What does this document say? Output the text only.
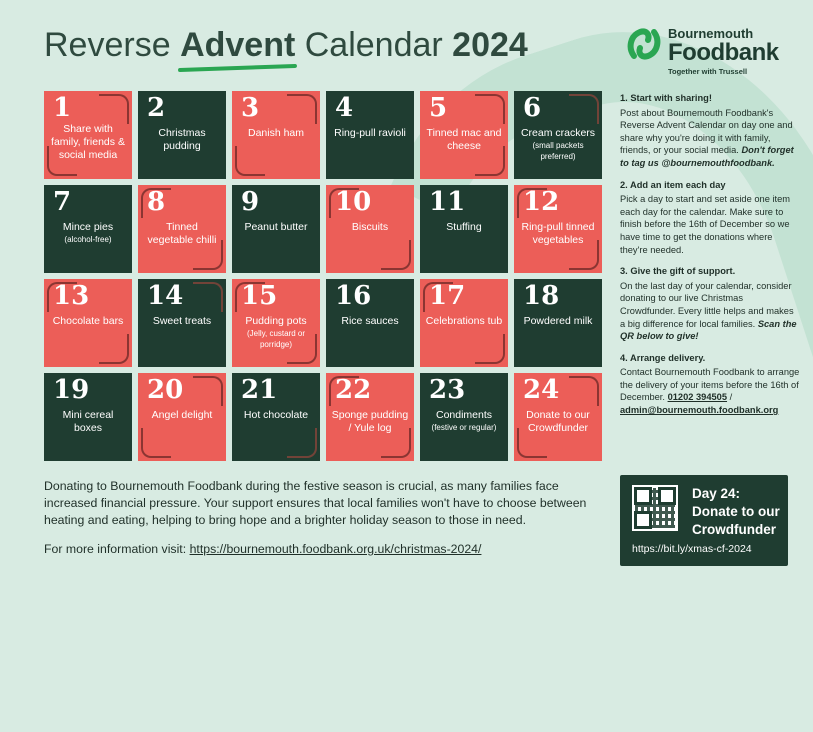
Reverse Advent Calendar 2024	Bournemouth
Foodbank
Together with Trussell
1
Share with family, friends & social media
2
Christmas pudding
3
Danish ham
4
Ring-pull ravioli
5
Tinned mac and cheese
6
Cream crackers
(small packets preferred)
7
Mince pies
(alcohol-free)
8
Tinned vegetable chilli
9
Peanut butter
10
Biscuits
11
Stuffing
12
Ring-pull tinned vegetables
13
Chocolate bars
14
Sweet treats
15
Pudding pots
(Jelly, custard or porridge)
16
Rice sauces
17
Celebrations tub
18
Powdered milk
19
Mini cereal boxes
20
Angel delight
21
Hot chocolate
22
Sponge pudding / Yule log
23
Condiments
(festive or regular)
24
Donate to our Crowdfunder
Donating to Bournemouth Foodbank during the festive season is crucial, as many families face increased financial pressure. Your support ensures that local families won't have to choose between heating and eating, helping to bring hope and a brighter holiday season to those in need.
For more information visit: https://bournemouth.foodbank.org.uk/christmas-2024/
1. Start with sharing!

Post about Bournemouth Foodbank's Reverse Advent Calendar on day one and share why you're doing it with family, friends, or your social media. Don't forget to tag us @bournemouthfoodbank.

2. Add an item each day

Pick a day to start and set aside one item each day for the calendar. Make sure to finish before the 16th of December so we have time to get the donations where they're needed.

3. Give the gift of support.

On the last day of your calendar, consider donating to our live Christmas Crowdfunder. Every little helps and makes a big difference for local families. Scan the QR below to give!

4. Arrange delivery.

Contact Bournemouth Foodbank to arrange the delivery of your items before the 16th of December. 01202 394505 / admin@bournemouth.foodbank.org

Day 24:
Donate to our
Crowdfunder
https://bit.ly/xmas-cf-2024
